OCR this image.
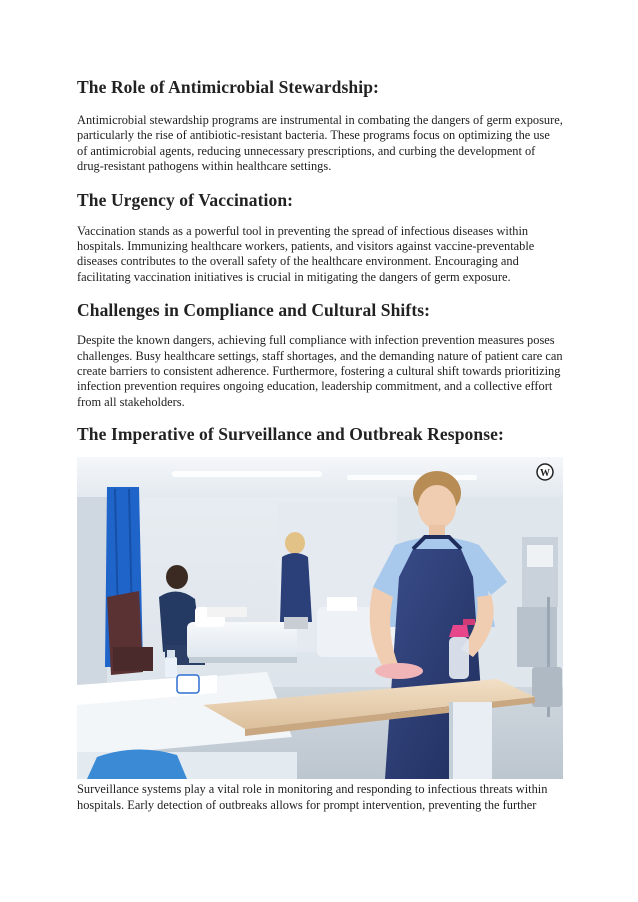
The Role of Antimicrobial Stewardship:

Antimicrobial stewardship programs are instrumental in combating the dangers of germ exposure, particularly the rise of antibiotic-resistant bacteria. These programs focus on optimizing the use of antimicrobial agents, reducing unnecessary prescriptions, and curbing the development of drug-resistant pathogens within healthcare settings.

The Urgency of Vaccination:

Vaccination stands as a powerful tool in preventing the spread of infectious diseases within hospitals. Immunizing healthcare workers, patients, and visitors against vaccine-preventable diseases contributes to the overall safety of the healthcare environment. Encouraging and facilitating vaccination initiatives is crucial in mitigating the dangers of germ exposure.

Challenges in Compliance and Cultural Shifts:

Despite the known dangers, achieving full compliance with infection prevention measures poses challenges. Busy healthcare settings, staff shortages, and the demanding nature of patient care can create barriers to consistent adherence. Furthermore, fostering a cultural shift towards prioritizing infection prevention requires ongoing education, leadership commitment, and a collective effort from all stakeholders.

The Imperative of Surveillance and Outbreak Response:
W

Surveillance systems play a vital role in monitoring and responding to infectious threats within hospitals. Early detection of outbreaks allows for prompt intervention, preventing the further
